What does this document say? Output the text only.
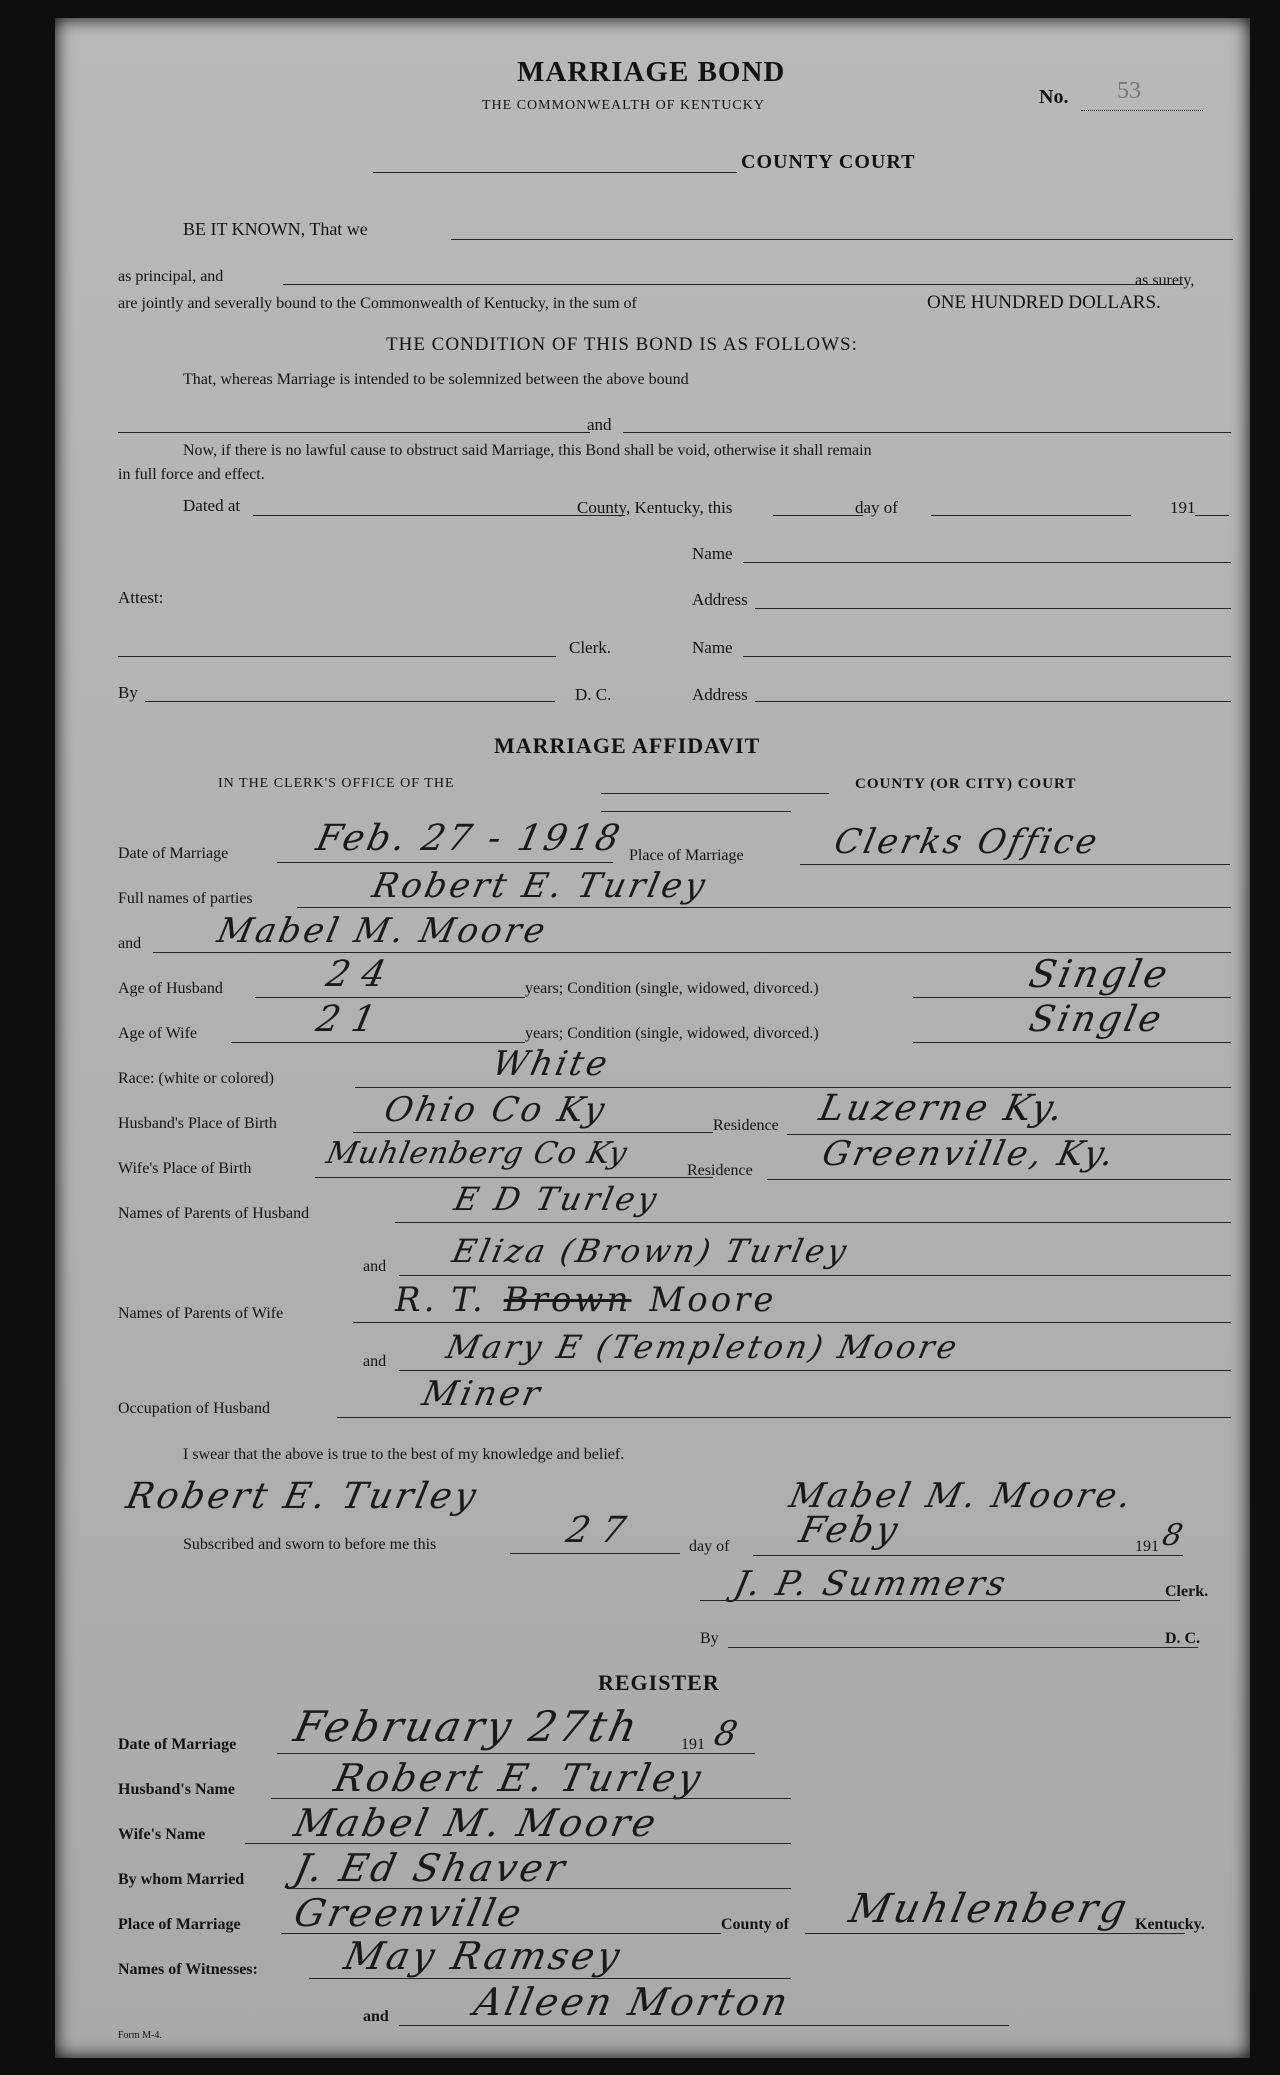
MARRIAGE BOND
THE COMMONWEALTH OF KENTUCKY	No. 53
COUNTY COURT
BE IT KNOWN, That we
as principal, and	as surety,
are jointly and severally bound to the Commonwealth of Kentucky, in the sum of	ONE HUNDRED DOLLARS.
THE CONDITION OF THIS BOND IS AS FOLLOWS:
That, whereas Marriage is intended to be solemnized between the above bound
and
Now, if there is no lawful cause to obstruct said Marriage, this Bond shall be void, otherwise it shall remain
in full force and effect.
Dated at	County, Kentucky, this	day of	191
Name
Attest:	Address
Clerk.	Name
By	D. C.	Address
MARRIAGE AFFIDAVIT
IN THE CLERK'S OFFICE OF THE	COUNTY (OR CITY) COURT
Date of Marriage Feb. 27 - 1918 Place of Marriage	Clerks Office
Full names of parties	Robert E. Turley
and Mabel M. Moore
Age of Husband	24	years; Condition (single, widowed, divorced.)	Single
Age of Wife	21	years; Condition (single, widowed, divorced.)	Single
Race: (white or colored)	White
Husband's Place of Birth	Ohio Co Ky	Residence Luzerne Ky.
Wife's Place of Birth Muhlenberg Co Ky	Residence Greenville, Ky.
Names of Parents of Husband	E D Turley
and Eliza (Brown) Turley
Names of Parents of Wife	R. T. Brown Moore
and Mary E (Templeton) Moore
Occupation of Husband	Miner
I swear that the above is true to the best of my knowledge and belief.
Robert E. Turley	Mabel M. Moore.
Subscribed and sworn to before me this	27	day of Feby	191 8
J. P. Summers	Clerk.
By	D. C.
REGISTER
Date of Marriage February 27th 191 8
Husband's Name	Robert E. Turley
Wife's Name Mabel M. Moore
By whom Married J. Ed Shaver
Place of Marriage Greenville	County of Muhlenberg Kentucky.
Names of Witnesses: May Ramsey
and Alleen Morton
Form M-4.
